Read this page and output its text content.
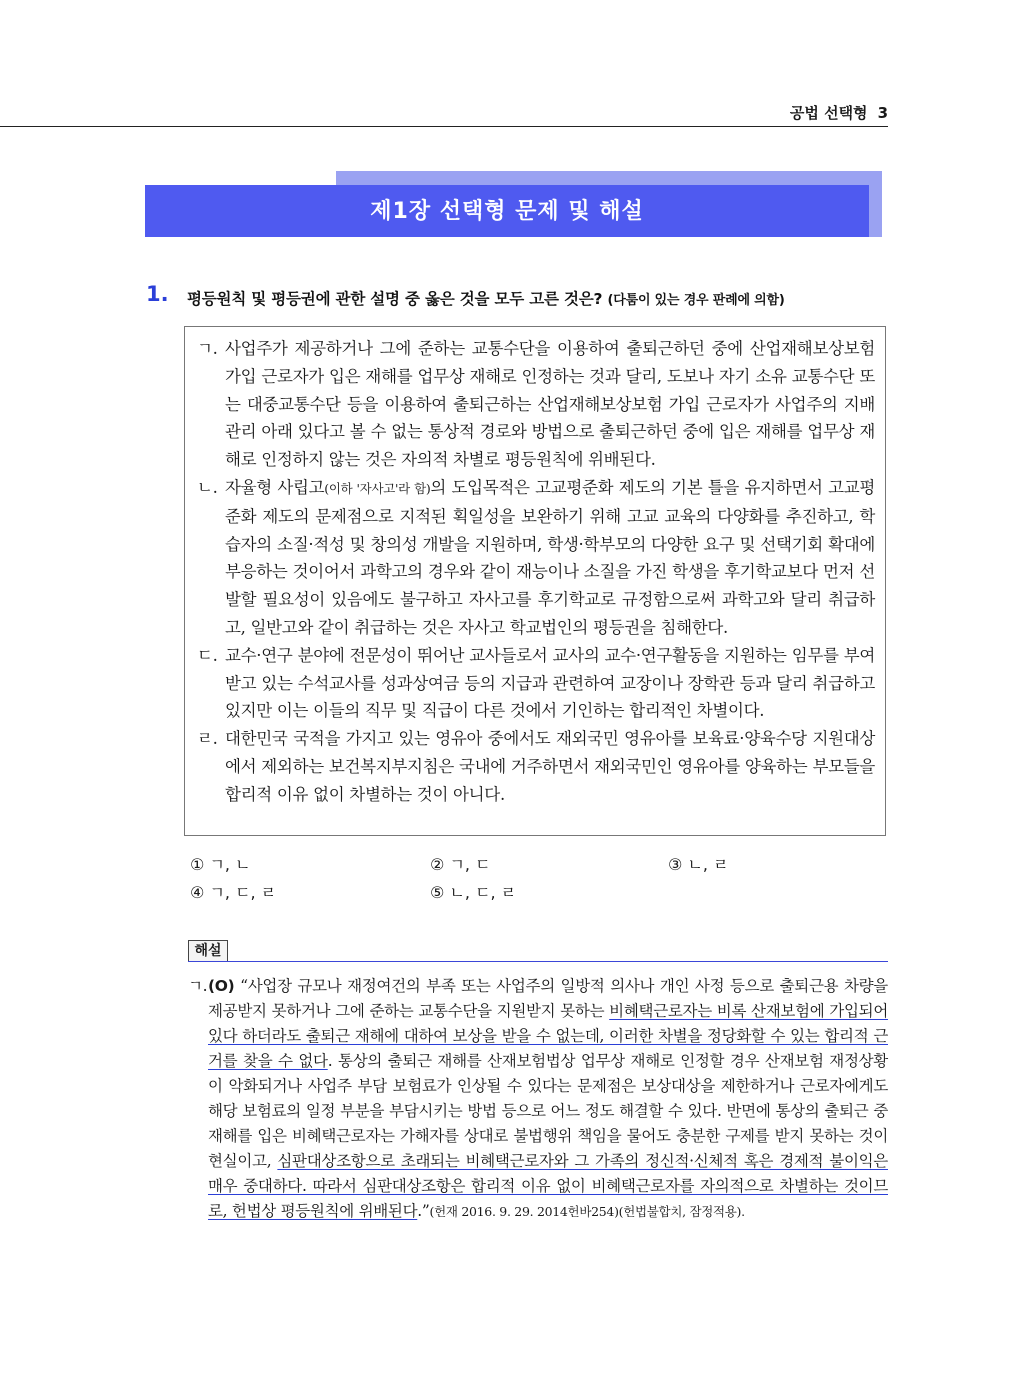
공법 선택형 3
제1장 선택형 문제 및 해설
1. 평등원칙 및 평등권에 관한 설명 중 옳은 것을 모두 고른 것은? (다툼이 있는 경우 판례에 의함)
ㄱ. 사업주가 제공하거나 그에 준하는 교통수단을 이용하여 출퇴근하던 중에 산업재해보상보험 가입 근로자가 입은 재해를 업무상 재해로 인정하는 것과 달리, 도보나 자기 소유 교통수단 또는 대중교통수단 등을 이용하여 출퇴근하는 산업재해보상보험 가입 근로자가 사업주의 지배관리 아래 있다고 볼 수 없는 통상적 경로와 방법으로 출퇴근하던 중에 입은 재해를 업무상 재해로 인정하지 않는 것은 자의적 차별로 평등원칙에 위배된다.
ㄴ. 자율형 사립고(이하 '자사고'라 함)의 도입목적은 고교평준화 제도의 기본 틀을 유지하면서 고교평준화 제도의 문제점으로 지적된 획일성을 보완하기 위해 고교 교육의 다양화를 추진하고, 학습자의 소질·적성 및 창의성 개발을 지원하며, 학생·학부모의 다양한 요구 및 선택기회 확대에 부응하는 것이어서 과학고의 경우와 같이 재능이나 소질을 가진 학생을 후기학교보다 먼저 선발할 필요성이 있음에도 불구하고 자사고를 후기학교로 규정함으로써 과학고와 달리 취급하고, 일반고와 같이 취급하는 것은 자사고 학교법인의 평등권을 침해한다.
ㄷ. 교수·연구 분야에 전문성이 뛰어난 교사들로서 교사의 교수·연구활동을 지원하는 임무를 부여받고 있는 수석교사를 성과상여금 등의 지급과 관련하여 교장이나 장학관 등과 달리 취급하고 있지만 이는 이들의 직무 및 직급이 다른 것에서 기인하는 합리적인 차별이다.
ㄹ. 대한민국 국적을 가지고 있는 영유아 중에서도 재외국민 영유아를 보육료·양육수당 지원대상에서 제외하는 보건복지부지침은 국내에 거주하면서 재외국민인 영유아를 양육하는 부모들을 합리적 이유 없이 차별하는 것이 아니다.
① ㄱ, ㄴ	② ㄱ, ㄷ	③ ㄴ, ㄹ
④ ㄱ, ㄷ, ㄹ	⑤ ㄴ, ㄷ, ㄹ
해설
ㄱ. (O) “사업장 규모나 재정여건의 부족 또는 사업주의 일방적 의사나 개인 사정 등으로 출퇴근용 차량을 제공받지 못하거나 그에 준하는 교통수단을 지원받지 못하는 비혜택근로자는 비록 산재보험에 가입되어 있다 하더라도 출퇴근 재해에 대하여 보상을 받을 수 없는데, 이러한 차별을 정당화할 수 있는 합리적 근거를 찾을 수 없다. 통상의 출퇴근 재해를 산재보험법상 업무상 재해로 인정할 경우 산재보험 재정상황이 악화되거나 사업주 부담 보험료가 인상될 수 있다는 문제점은 보상대상을 제한하거나 근로자에게도 해당 보험료의 일정 부분을 부담시키는 방법 등으로 어느 정도 해결할 수 있다. 반면에 통상의 출퇴근 중 재해를 입은 비혜택근로자는 가해자를 상대로 불법행위 책임을 물어도 충분한 구제를 받지 못하는 것이 현실이고, 심판대상조항으로 초래되는 비혜택근로자와 그 가족의 정신적·신체적 혹은 경제적 불이익은 매우 중대하다. 따라서 심판대상조항은 합리적 이유 없이 비혜택근로자를 자의적으로 차별하는 것이므로, 헌법상 평등원칙에 위배된다.”(헌재 2016. 9. 29. 2014헌바254)(헌법불합치, 잠정적용).
